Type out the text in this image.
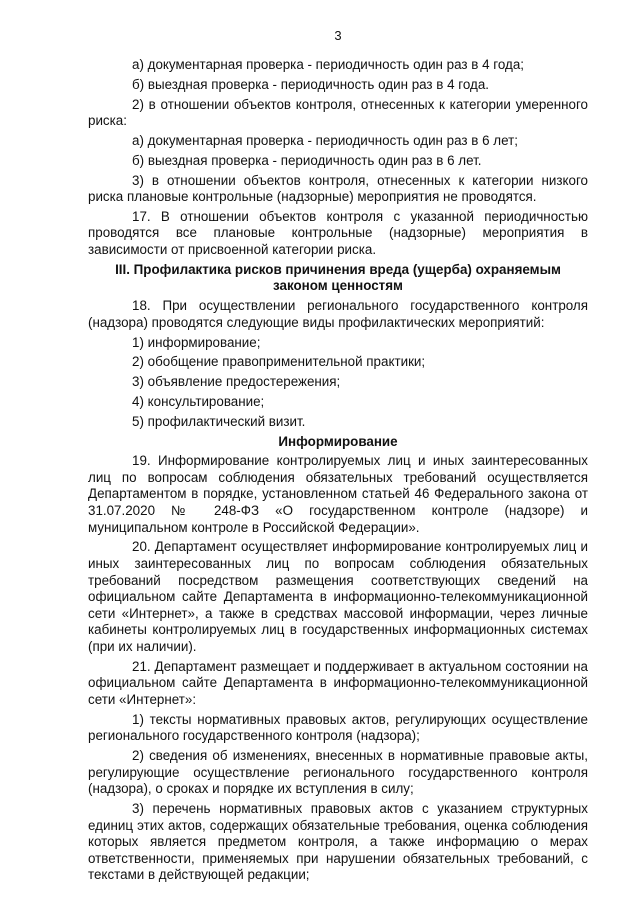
3

а) документарная проверка - периодичность один раз в 4 года;

б) выездная проверка - периодичность один раз в 4 года.

2) в отношении объектов контроля, отнесенных к категории умеренного риска:

а) документарная проверка - периодичность один раз в 6 лет;

б) выездная проверка - периодичность один раз в 6 лет.

3) в отношении объектов контроля, отнесенных к категории низкого риска плановые контрольные (надзорные) мероприятия не проводятся.

17. В отношении объектов контроля с указанной периодичностью проводятся все плановые контрольные (надзорные) мероприятия в зависимости от присвоенной категории риска.

III. Профилактика рисков причинения вреда (ущерба) охраняемым законом ценностям

18. При осуществлении регионального государственного контроля (надзора) проводятся следующие виды профилактических мероприятий:

1) информирование;

2) обобщение правоприменительной практики;

3) объявление предостережения;

4) консультирование;

5) профилактический визит.

Информирование

19. Информирование контролируемых лиц и иных заинтересованных лиц по вопросам соблюдения обязательных требований осуществляется Департаментом в порядке, установленном статьей 46 Федерального закона от 31.07.2020 № 248-ФЗ «О государственном контроле (надзоре) и муниципальном контроле в Российской Федерации».

20. Департамент осуществляет информирование контролируемых лиц и иных заинтересованных лиц по вопросам соблюдения обязательных требований посредством размещения соответствующих сведений на официальном сайте Департамента в информационно-телекоммуникационной сети «Интернет», а также в средствах массовой информации, через личные кабинеты контролируемых лиц в государственных информационных системах (при их наличии).

21. Департамент размещает и поддерживает в актуальном состоянии на официальном сайте Департамента в информационно-телекоммуникационной сети «Интернет»:

1) тексты нормативных правовых актов, регулирующих осуществление регионального государственного контроля (надзора);

2) сведения об изменениях, внесенных в нормативные правовые акты, регулирующие осуществление регионального государственного контроля (надзора), о сроках и порядке их вступления в силу;

3) перечень нормативных правовых актов с указанием структурных единиц этих актов, содержащих обязательные требования, оценка соблюдения которых является предметом контроля, а также информацию о мерах ответственности, применяемых при нарушении обязательных требований, с текстами в действующей редакции;
